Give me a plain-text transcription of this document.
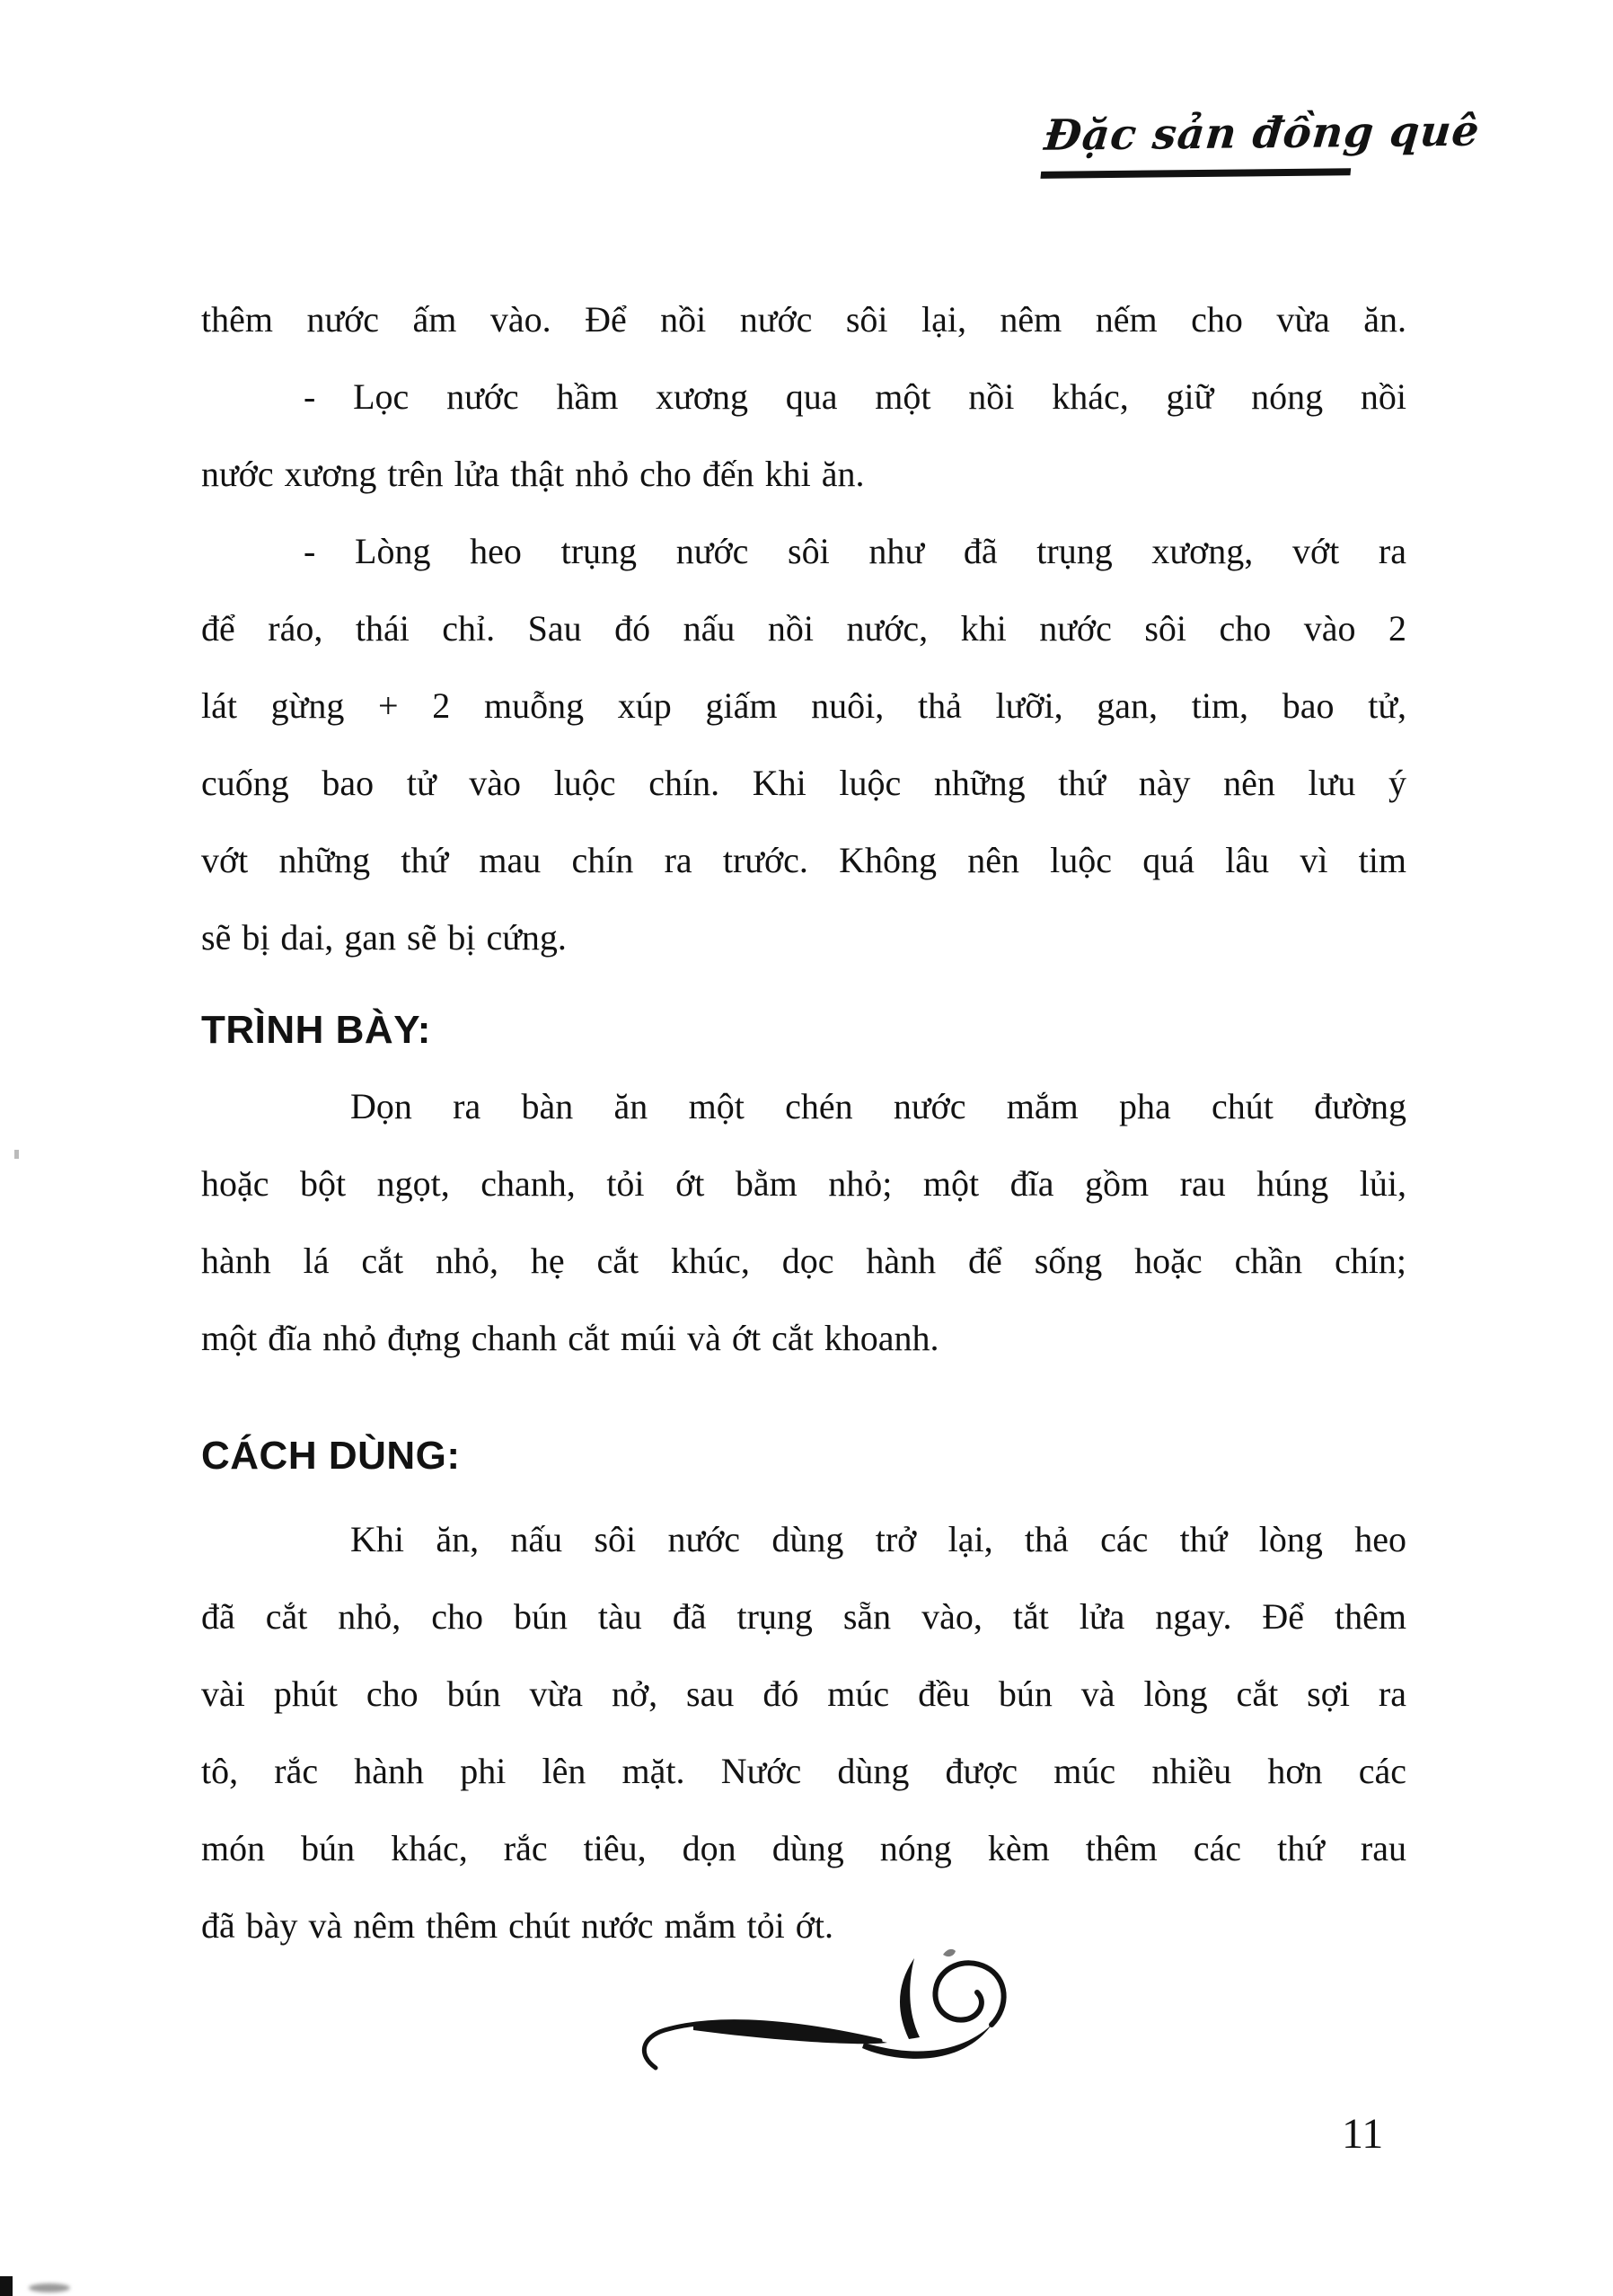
Đặc sản đồng quê
thêm nước ấm vào. Để nồi nước sôi lại, nêm nếm cho vừa ăn.
- Lọc nước hầm xương qua một nồi khác, giữ nóng nồi
nước xương trên lửa thật nhỏ cho đến khi ăn.
- Lòng heo trụng nước sôi như đã trụng xương, vớt ra
để ráo, thái chỉ. Sau đó nấu nồi nước, khi nước sôi cho vào 2
lát gừng + 2 muỗng xúp giấm nuôi, thả lưỡi, gan, tim, bao tử,
cuống bao tử vào luộc chín. Khi luộc những thứ này nên lưu ý
vớt những thứ mau chín ra trước. Không nên luộc quá lâu vì tim
sẽ bị dai, gan sẽ bị cứng.
TRÌNH BÀY:
Dọn ra bàn ăn một chén nước mắm pha chút đường
hoặc bột ngọt, chanh, tỏi ớt bằm nhỏ; một đĩa gồm rau húng lủi,
hành lá cắt nhỏ, hẹ cắt khúc, dọc hành để sống hoặc chần chín;
một đĩa nhỏ đựng chanh cắt múi và ớt cắt khoanh.
CÁCH DÙNG:
Khi ăn, nấu sôi nước dùng trở lại, thả các thứ lòng heo
đã cắt nhỏ, cho bún tàu đã trụng sẵn vào, tắt lửa ngay. Để thêm
vài phút cho bún vừa nở, sau đó múc đều bún và lòng cắt sợi ra
tô, rắc hành phi lên mặt. Nước dùng được múc nhiều hơn các
món bún khác, rắc tiêu, dọn dùng nóng kèm thêm các thứ rau
đã bày và nêm thêm chút nước mắm tỏi ớt.
11
